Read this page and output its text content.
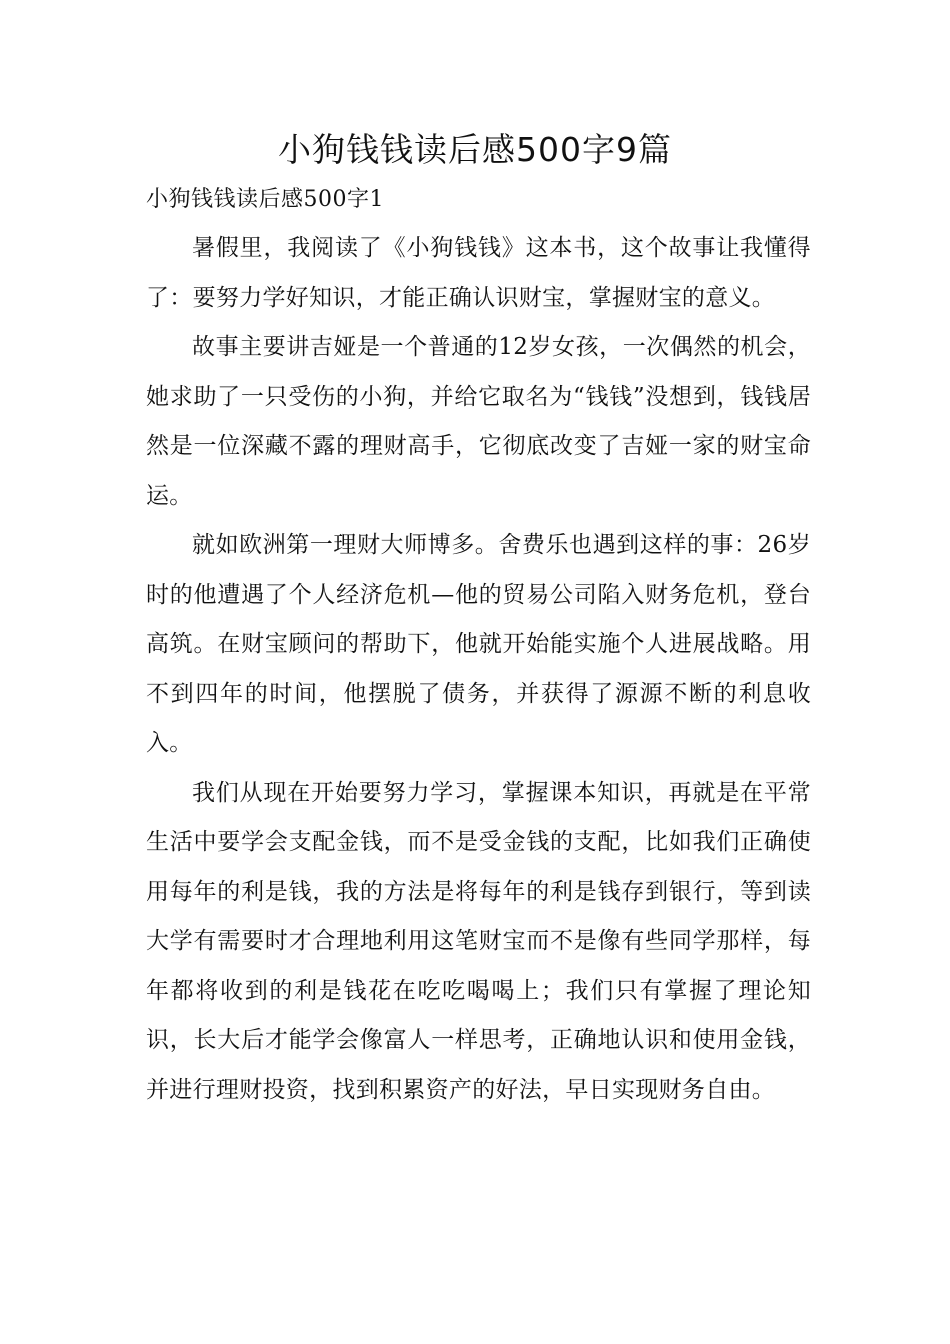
小狗钱钱读后感500字9篇
小狗钱钱读后感500字1

暑假里，我阅读了《小狗钱钱》这本书，这个故事让我懂得了：要努力学好知识，才能正确认识财宝，掌握财宝的意义。

故事主要讲吉娅是一个普通的12岁女孩，一次偶然的机会，她求助了一只受伤的小狗，并给它取名为“钱钱”没想到，钱钱居然是一位深藏不露的理财高手，它彻底改变了吉娅一家的财宝命运。

就如欧洲第一理财大师博多。舍费乐也遇到这样的事：26岁时的他遭遇了个人经济危机—他的贸易公司陷入财务危机，登台高筑。在财宝顾问的帮助下，他就开始能实施个人进展战略。用不到四年的时间，他摆脱了债务，并获得了源源不断的利息收入。

我们从现在开始要努力学习，掌握课本知识，再就是在平常生活中要学会支配金钱，而不是受金钱的支配，比如我们正确使用每年的利是钱，我的方法是将每年的利是钱存到银行，等到读大学有需要时才合理地利用这笔财宝而不是像有些同学那样，每年都将收到的利是钱花在吃吃喝喝上；我们只有掌握了理论知识，长大后才能学会像富人一样思考，正确地认识和使用金钱，并进行理财投资，找到积累资产的好法，早日实现财务自由。
